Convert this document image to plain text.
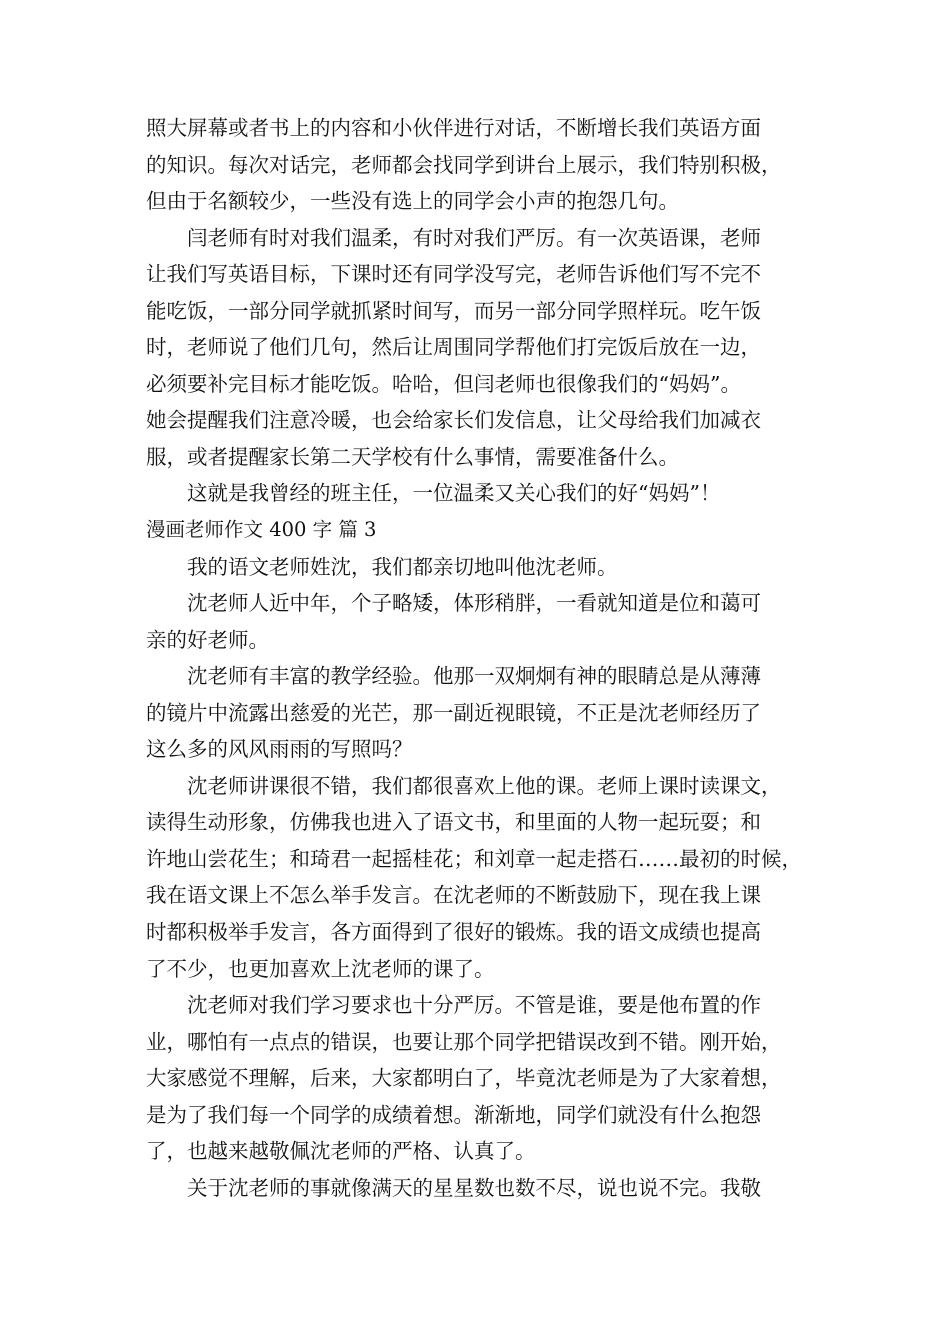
照大屏幕或者书上的内容和小伙伴进行对话，不断增长我们英语方面
的知识。每次对话完，老师都会找同学到讲台上展示，我们特别积极，
但由于名额较少，一些没有选上的同学会小声的抱怨几句。
闫老师有时对我们温柔，有时对我们严厉。有一次英语课，老师
让我们写英语目标，下课时还有同学没写完，老师告诉他们写不完不
能吃饭，一部分同学就抓紧时间写，而另一部分同学照样玩。吃午饭
时，老师说了他们几句，然后让周围同学帮他们打完饭后放在一边，
必须要补完目标才能吃饭。哈哈，但闫老师也很像我们的“妈妈”。
她会提醒我们注意冷暖，也会给家长们发信息，让父母给我们加减衣
服，或者提醒家长第二天学校有什么事情，需要准备什么。
这就是我曾经的班主任，一位温柔又关心我们的好“妈妈”！
漫画老师作文 400 字 篇 3
我的语文老师姓沈，我们都亲切地叫他沈老师。
沈老师人近中年，个子略矮，体形稍胖，一看就知道是位和蔼可
亲的好老师。
沈老师有丰富的教学经验。他那一双炯炯有神的眼睛总是从薄薄
的镜片中流露出慈爱的光芒，那一副近视眼镜，不正是沈老师经历了
这么多的风风雨雨的写照吗？
沈老师讲课很不错，我们都很喜欢上他的课。老师上课时读课文，
读得生动形象，仿佛我也进入了语文书，和里面的人物一起玩耍；和
许地山尝花生；和琦君一起摇桂花；和刘章一起走搭石……最初的时候，
我在语文课上不怎么举手发言。在沈老师的不断鼓励下，现在我上课
时都积极举手发言，各方面得到了很好的锻炼。我的语文成绩也提高
了不少，也更加喜欢上沈老师的课了。
沈老师对我们学习要求也十分严厉。不管是谁，要是他布置的作
业，哪怕有一点点的错误，也要让那个同学把错误改到不错。刚开始，
大家感觉不理解，后来，大家都明白了，毕竟沈老师是为了大家着想，
是为了我们每一个同学的成绩着想。渐渐地，同学们就没有什么抱怨
了，也越来越敬佩沈老师的严格、认真了。
关于沈老师的事就像满天的星星数也数不尽，说也说不完。我敬
